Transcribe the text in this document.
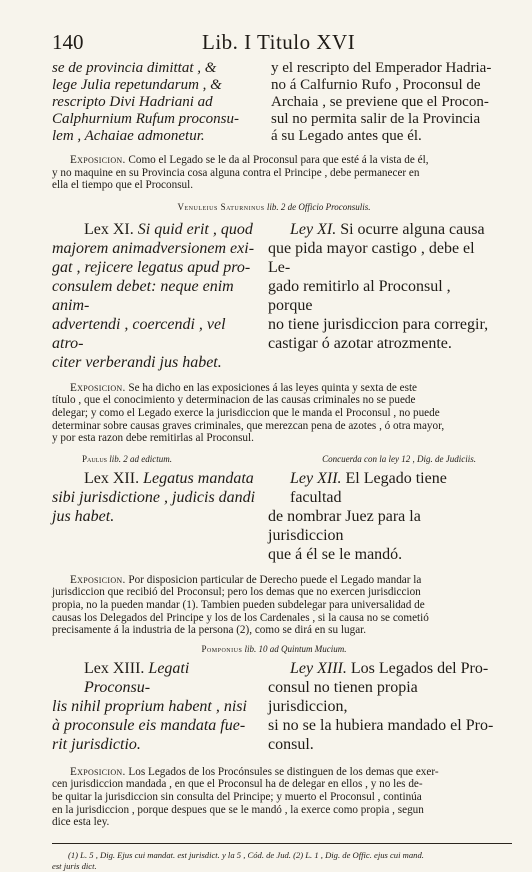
140	Lib. I Titulo XVI
se de provincia dimittat , &
lege Julia repetundarum , &
rescripto Divi Hadriani ad
Calphurnium Rufum proconsu-
lem , Achaiae admonetur.
y el rescripto del Emperador Hadria-
no á Calfurnio Rufo , Proconsul de
Archaia , se previene que el Procon-
sul no permita salir de la Provincia
á su Legado antes que él.
Exposicion. Como el Legado se le da al Proconsul para que esté á la vista de él,
y no maquine en su Provincia cosa alguna contra el Principe , debe permanecer en
ella el tiempo que el Proconsul.
Venuleius Saturninus lib. 2 de Officio Proconsulis.
Lex XI. Si quid erit , quod
majorem animadversionem exi-
gat , rejicere legatus apud pro-
consulem debet: neque enim anim-
advertendi , coercendi , vel atro-
citer verberandi jus habet.
Ley XI. Si ocurre alguna causa
que pida mayor castigo , debe el Le-
gado remitirlo al Proconsul , porque
no tiene jurisdiccion para corregir,
castigar ó azotar atrozmente.
Exposicion. Se ha dicho en las exposiciones á las leyes quinta y sexta de este
título , que el conocimiento y determinacion de las causas criminales no se puede
delegar; y como el Legado exerce la jurisdiccion que le manda el Proconsul , no puede
determinar sobre causas graves criminales, que merezcan pena de azotes , ó otra mayor,
y por esta razon debe remitirlas al Proconsul.
Paulus lib. 2 ad edictum.	Concuerda con la ley 12 , Dig. de Judiciis.
Lex XII. Legatus mandata
sibi jurisdictione , judicis dandi
jus habet.
Ley XII. El Legado tiene facultad
de nombrar Juez para la jurisdiccion
que á él se le mandó.
Exposicion. Por disposicion particular de Derecho puede el Legado mandar la
jurisdiccion que recibió del Proconsul; pero los demas que no exercen jurisdiccion
propia, no la pueden mandar (1). Tambien pueden subdelegar para universalidad de
causas los Delegados del Principe y los de los Cardenales , si la causa no se cometió
precisamente á la industria de la persona (2), como se dirá en su lugar.
Pomponius lib. 10 ad Quintum Mucium.
Lex XIII. Legati Proconsu-
lis nihil proprium habent , nisi
à proconsule eis mandata fue-
rit jurisdictio.
Ley XIII. Los Legados del Pro-
consul no tienen propia jurisdiccion,
si no se la hubiera mandado el Pro-
consul.
Exposicion. Los Legados de los Procónsules se distinguen de los demas que exer-
cen jurisdiccion mandada , en que el Proconsul ha de delegar en ellos , y no les de-
be quitar la jurisdiccion sin consulta del Principe; y muerto el Proconsul , continúa
en la jurisdiccion , porque despues que se le mandó , la exerce como propia , segun
dice esta ley.
(1) L. 5 , Dig. Ejus cui mandat. est jurisdict. y la 5 , Cód. de Jud. (2) L. 1 , Dig. de Offic. ejus cui mand.
est juris dict.
